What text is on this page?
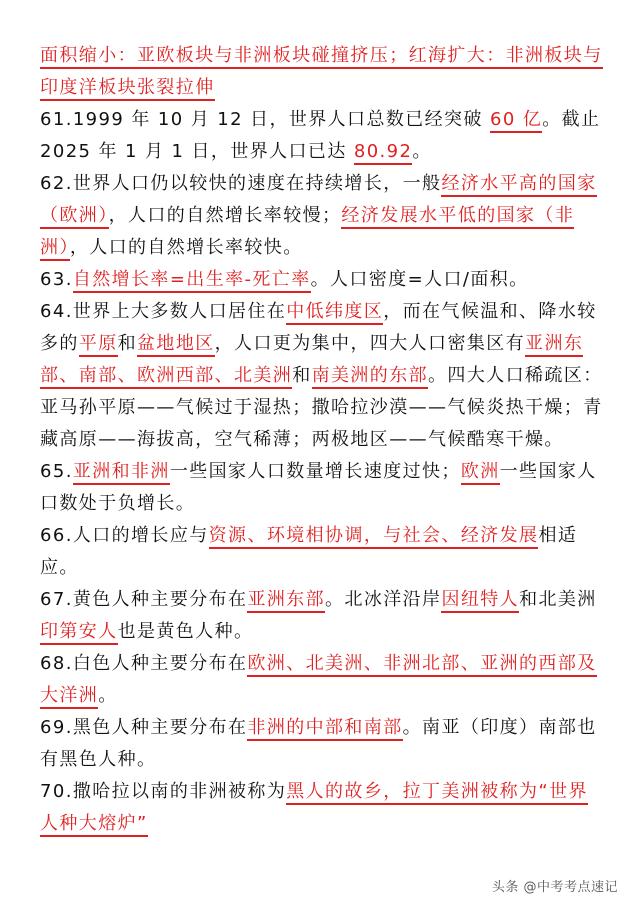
面积缩小：亚欧板块与非洲板块碰撞挤压；红海扩大：非洲板块与印度洋板块张裂拉伸

61.1999 年 10 月 12 日，世界人口总数已经突破 60 亿。截止 2025 年 1 月 1 日，世界人口已达 80.92。

62.世界人口仍以较快的速度在持续增长，一般经济水平高的国家（欧洲），人口的自然增长率较慢；经济发展水平低的国家（非洲），人口的自然增长率较快。

63.自然增长率=出生率-死亡率。人口密度=人口/面积。

64.世界上大多数人口居住在中低纬度区，而在气候温和、降水较多的平原和盆地地区，人口更为集中，四大人口密集区有亚洲东部、南部、欧洲西部、北美洲和南美洲的东部。四大人口稀疏区：亚马孙平原——气候过于湿热；撒哈拉沙漠——气候炎热干燥；青藏高原——海拔高，空气稀薄；两极地区——气候酷寒干燥。

65.亚洲和非洲一些国家人口数量增长速度过快；欧洲一些国家人口数处于负增长。

66.人口的增长应与资源、环境相协调，与社会、经济发展相适应。

67.黄色人种主要分布在亚洲东部。北冰洋沿岸因纽特人和北美洲印第安人也是黄色人种。

68.白色人种主要分布在欧洲、北美洲、非洲北部、亚洲的西部及大洋洲。

69.黑色人种主要分布在非洲的中部和南部。南亚（印度）南部也有黑色人种。

70.撒哈拉以南的非洲被称为黑人的故乡，拉丁美洲被称为“世界人种大熔炉”

头条 @中考考点速记
